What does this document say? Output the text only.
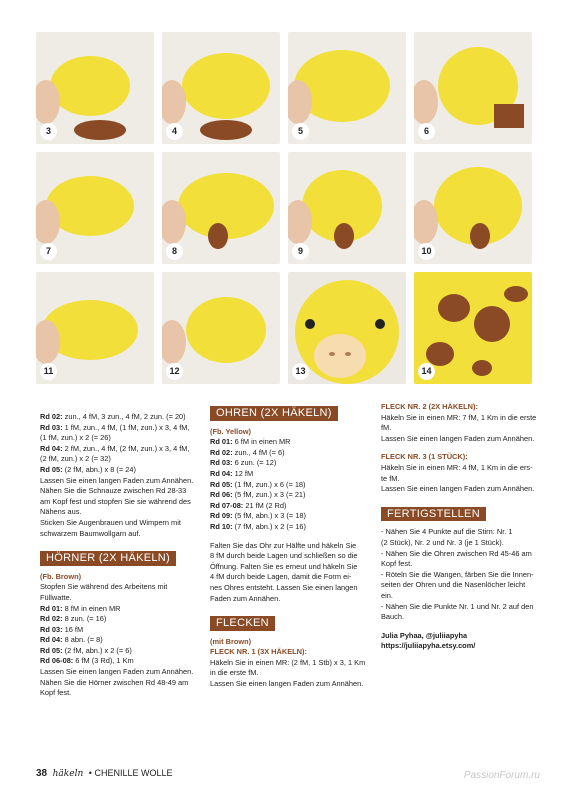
3	4	5	6
7	8	9	10
11	12	13	14

Rd 02: zun., 4 fM, 3 zun., 4 fM, 2 zun. (= 20)

Rd 03: 1 fM, zun., 4 fM, (1 fM, zun.) x 3, 4 fM,

(1 fM, zun.) x 2 (= 26)

Rd 04: 2 fM, zun., 4 fM, (2 fM, zun.) x 3, 4 fM,

(2 fM, zun.) x 2 (= 32)

Rd 05: (2 fM, abn.) x 8 (= 24)

Lassen Sie einen langen Faden zum Annähen.

Nähen Sie die Schnauze zwischen Rd 28-33

am Kopf fest und stopfen Sie sie während des

Nähens aus.

Sticken Sie Augenbrauen und Wimpern mit

schwarzem Baumwollgarn auf.

HÖRNER (2X HÄKELN)

(Fb. Brown)

Stopfen Sie während des Arbeitens mit

Füllwatte.

Rd 01: 8 fM in einen MR

Rd 02: 8 zun. (= 16)

Rd 03: 16 fM

Rd 04: 8 abn. (= 8)

Rd 05: (2 fM, abn.) x 2 (= 6)

Rd 06-08: 6 fM (3 Rd), 1 Km

Lassen Sie einen langen Faden zum Annähen.

Nähen Sie die Hörner zwischen Rd 48-49 am

Kopf fest.

OHREN (2X HÄKELN)

(Fb. Yellow)

Rd 01: 6 fM in einen MR

Rd 02: zun., 4 fM (= 6)

Rd 03: 6 zun. (= 12)

Rd 04: 12 fM

Rd 05: (1 fM, zun.) x 6 (= 18)

Rd 06: (5 fM, zun.) x 3 (= 21)

Rd 07-08: 21 fM (2 Rd)

Rd 09: (5 fM, abn.) x 3 (= 18)

Rd 10: (7 fM, abn.) x 2 (= 16)

Falten Sie das Ohr zur Hälfte und häkeln Sie

8 fM durch beide Lagen und schließen so die

Öffnung. Falten Sie es erneut und häkeln Sie

4 fM durch beide Lagen, damit die Form ei-

nes Ohres entsteht. Lassen Sie einen langen

Faden zum Annähen.

FLECKEN

(mit Brown)

FLECK NR. 1 (3X HÄKELN):

Häkeln Sie in einen MR: (2 fM, 1 Stb) x 3, 1 Km

in die erste fM.

Lassen Sie einen langen Faden zum Annähen.

FLECK NR. 2 (2X HÄKELN):

Häkeln Sie in einen MR: 7 fM, 1 Km in die erste

fM.

Lassen Sie einen langen Faden zum Annähen.

FLECK NR. 3 (1 STÜCK):

Häkeln Sie in einen MR: 4 fM, 1 Km in die ers-

te fM.

Lassen Sie einen langen Faden zum Annähen.

FERTIGSTELLEN

- Nähen Sie 4 Punkte auf die Stirn: Nr. 1

(2 Stück), Nr. 2 und Nr. 3 (je 1 Stück).

- Nähen Sie die Ohren zwischen Rd 45-46 am

Kopf fest.

- Röteln Sie die Wangen, färben Sie die Innen-

seiten der Ohren und die Nasenlöcher leicht

ein.

- Nähen Sie die Punkte Nr. 1 und Nr. 2 auf den

Bauch.

Julia Pyhaa, @juliiapyha

https://juliiapyha.etsy.com/

38 häkeln • CHENILLE WOLLE	PassionForum.ru
